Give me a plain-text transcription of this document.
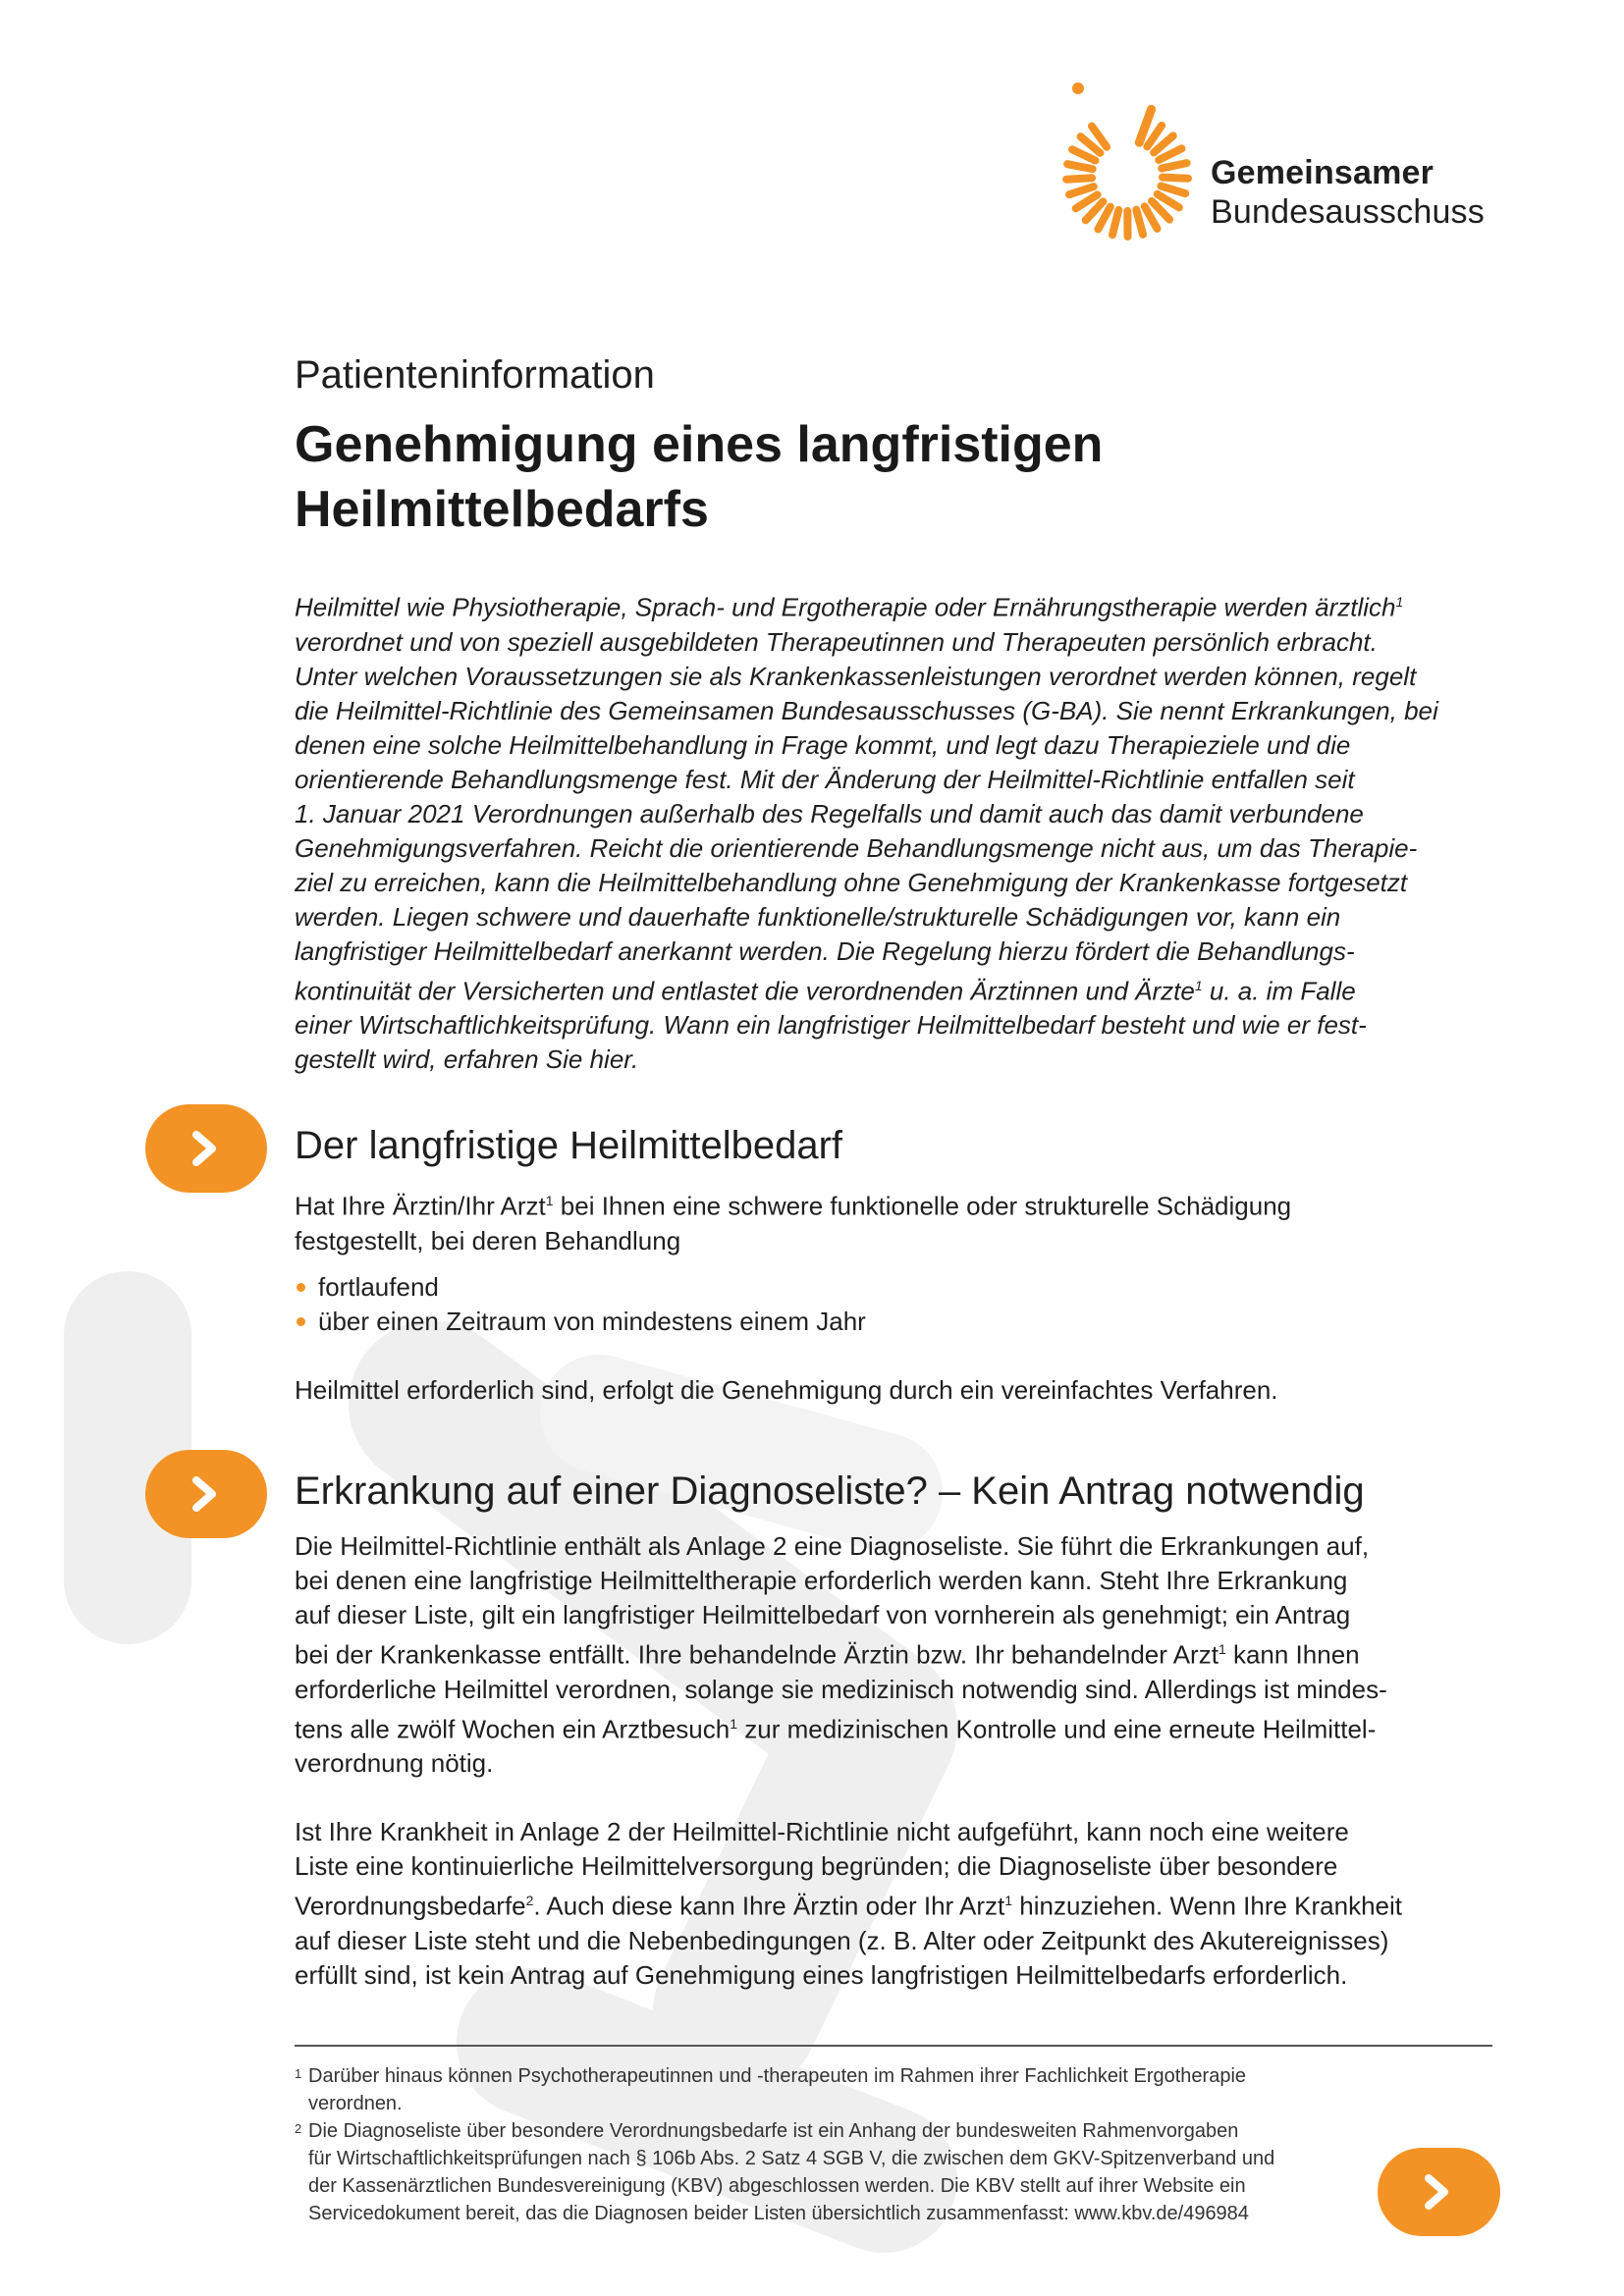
Gemeinsamer
Bundesausschuss
Patienteninformation
Genehmigung eines langfristigen
Heilmittelbedarfs
Heilmittel wie Physiotherapie, Sprach- und Ergotherapie oder Ernährungstherapie werden ärztlich$^1$
verordnet und von speziell ausgebildeten Therapeutinnen und Therapeuten persönlich erbracht.
Unter welchen Voraussetzungen sie als Krankenkassenleistungen verordnet werden können, regelt
die Heilmittel-Richtlinie des Gemeinsamen Bundesausschusses (G-BA). Sie nennt Erkrankungen, bei
denen eine solche Heilmittelbehandlung in Frage kommt, und legt dazu Therapieziele und die
orientierende Behandlungsmenge fest. Mit der Änderung der Heilmittel-Richtlinie entfallen seit
1. Januar 2021 Verordnungen außerhalb des Regelfalls und damit auch das damit verbundene
Genehmigungsverfahren. Reicht die orientierende Behandlungsmenge nicht aus, um das Therapie-
ziel zu erreichen, kann die Heilmittelbehandlung ohne Genehmigung der Krankenkasse fortgesetzt
werden. Liegen schwere und dauerhafte funktionelle/strukturelle Schädigungen vor, kann ein
langfristiger Heilmittelbedarf anerkannt werden. Die Regelung hierzu fördert die Behandlungs-
kontinuität der Versicherten und entlastet die verordnenden Ärztinnen und Ärzte$^1$ u. a. im Falle
einer Wirtschaftlichkeitsprüfung. Wann ein langfristiger Heilmittelbedarf besteht und wie er fest-
gestellt wird, erfahren Sie hier.
Der langfristige Heilmittelbedarf
Hat Ihre Ärztin/Ihr Arzt$^1$ bei Ihnen eine schwere funktionelle oder strukturelle Schädigung
festgestellt, bei deren Behandlung
fortlaufend
über einen Zeitraum von mindestens einem Jahr
Heilmittel erforderlich sind, erfolgt die Genehmigung durch ein vereinfachtes Verfahren.
Erkrankung auf einer Diagnoseliste? – Kein Antrag notwendig
Die Heilmittel-Richtlinie enthält als Anlage 2 eine Diagnoseliste. Sie führt die Erkrankungen auf,
bei denen eine langfristige Heilmitteltherapie erforderlich werden kann. Steht Ihre Erkrankung
auf dieser Liste, gilt ein langfristiger Heilmittelbedarf von vornherein als genehmigt; ein Antrag
bei der Krankenkasse entfällt. Ihre behandelnde Ärztin bzw. Ihr behandelnder Arzt$^1$ kann Ihnen
erforderliche Heilmittel verordnen, solange sie medizinisch notwendig sind. Allerdings ist mindes-
tens alle zwölf Wochen ein Arztbesuch$^1$ zur medizinischen Kontrolle und eine erneute Heilmittel-
verordnung nötig.
Ist Ihre Krankheit in Anlage 2 der Heilmittel-Richtlinie nicht aufgeführt, kann noch eine weitere
Liste eine kontinuierliche Heilmittelversorgung begründen; die Diagnoseliste über besondere
Verordnungsbedarfe$^2$. Auch diese kann Ihre Ärztin oder Ihr Arzt$^1$ hinzuziehen. Wenn Ihre Krankheit
auf dieser Liste steht und die Nebenbedingungen (z. B. Alter oder Zeitpunkt des Akutereignisses)
erfüllt sind, ist kein Antrag auf Genehmigung eines langfristigen Heilmittelbedarfs erforderlich.
1 Darüber hinaus können Psychotherapeutinnen und -therapeuten im Rahmen ihrer Fachlichkeit Ergotherapie
verordnen.
2 Die Diagnoseliste über besondere Verordnungsbedarfe ist ein Anhang der bundesweiten Rahmenvorgaben
für Wirtschaftlichkeitsprüfungen nach § 106b Abs. 2 Satz 4 SGB V, die zwischen dem GKV-Spitzenverband und
der Kassenärztlichen Bundesvereinigung (KBV) abgeschlossen werden. Die KBV stellt auf ihrer Website ein
Servicedokument bereit, das die Diagnosen beider Listen übersichtlich zusammenfasst: www.kbv.de/496984
